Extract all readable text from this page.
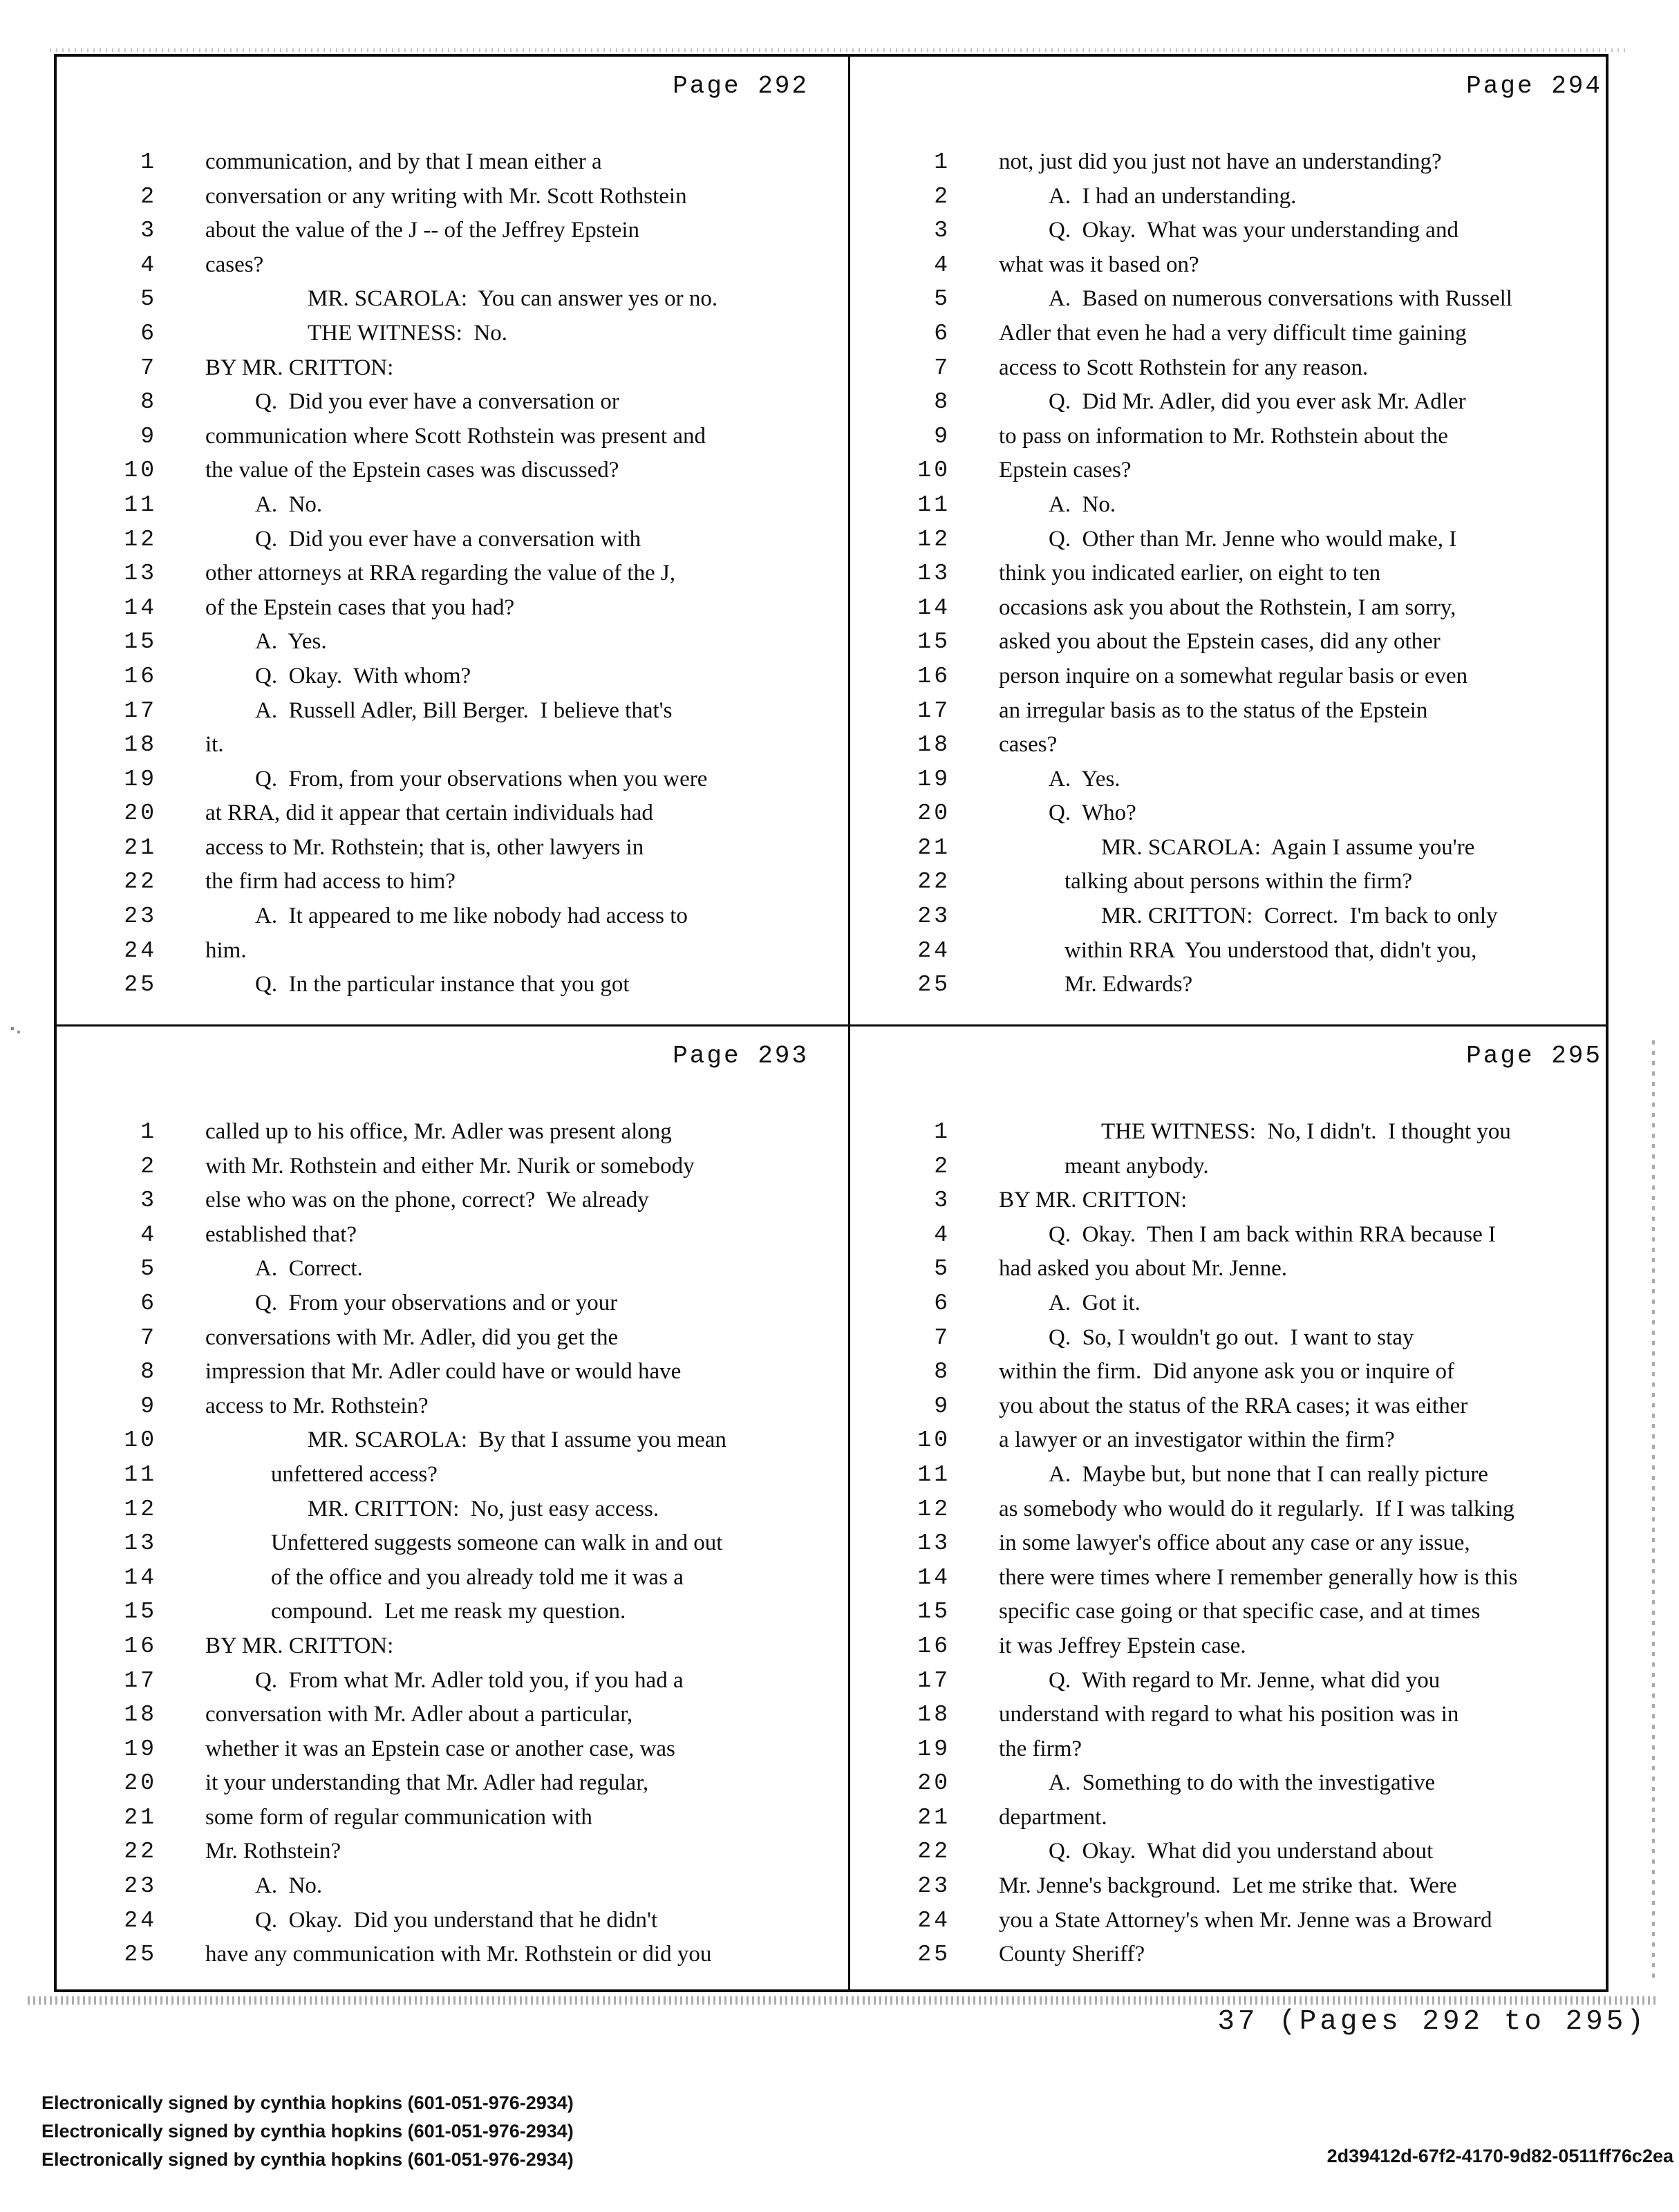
Page 292
1 communication, and by that I mean either a
2 conversation or any writing with Mr. Scott Rothstein
3 about the value of the J -- of the Jeffrey Epstein
4 cases?
5	MR. SCAROLA:  You can answer yes or no.
6	THE WITNESS:  No.
7 BY MR. CRITTON:
8	Q.  Did you ever have a conversation or
9 communication where Scott Rothstein was present and
10 the value of the Epstein cases was discussed?
11	A.  No.
12	Q.  Did you ever have a conversation with
13 other attorneys at RRA regarding the value of the J,
14 of the Epstein cases that you had?
15	A.  Yes.
16	Q.  Okay.  With whom?
17	A.  Russell Adler, Bill Berger.  I believe that's
18 it.
19	Q.  From, from your observations when you were
20 at RRA, did it appear that certain individuals had
21 access to Mr. Rothstein; that is, other lawyers in
22 the firm had access to him?
23	A.  It appeared to me like nobody had access to
24 him.
25	Q.  In the particular instance that you got
Page 294
1 not, just did you just not have an understanding?
2	A.  I had an understanding.
3	Q.  Okay.  What was your understanding and
4 what was it based on?
5	A.  Based on numerous conversations with Russell
6 Adler that even he had a very difficult time gaining
7 access to Scott Rothstein for any reason.
8	Q.  Did Mr. Adler, did you ever ask Mr. Adler
9 to pass on information to Mr. Rothstein about the
10 Epstein cases?
11	A.  No.
12	Q.  Other than Mr. Jenne who would make, I
13 think you indicated earlier, on eight to ten
14 occasions ask you about the Rothstein, I am sorry,
15 asked you about the Epstein cases, did any other
16 person inquire on a somewhat regular basis or even
17 an irregular basis as to the status of the Epstein
18 cases?
19	A.  Yes.
20	Q.  Who?
21	MR. SCAROLA:  Again I assume you're
22	talking about persons within the firm?
23	MR. CRITTON:  Correct.  I'm back to only
24	within RRA  You understood that, didn't you,
25	Mr. Edwards?
Page 293
1 called up to his office, Mr. Adler was present along
2 with Mr. Rothstein and either Mr. Nurik or somebody
3 else who was on the phone, correct?  We already
4 established that?
5	A.  Correct.
6	Q.  From your observations and or your
7 conversations with Mr. Adler, did you get the
8 impression that Mr. Adler could have or would have
9 access to Mr. Rothstein?
10	MR. SCAROLA:  By that I assume you mean
11	unfettered access?
12	MR. CRITTON:  No, just easy access.
13	Unfettered suggests someone can walk in and out
14	of the office and you already told me it was a
15	compound.  Let me reask my question.
16 BY MR. CRITTON:
17	Q.  From what Mr. Adler told you, if you had a
18 conversation with Mr. Adler about a particular,
19 whether it was an Epstein case or another case, was
20 it your understanding that Mr. Adler had regular,
21 some form of regular communication with
22 Mr. Rothstein?
23	A.  No.
24	Q.  Okay.  Did you understand that he didn't
25 have any communication with Mr. Rothstein or did you
Page 295
1	THE WITNESS:  No, I didn't.  I thought you
2	meant anybody.
3 BY MR. CRITTON:
4	Q.  Okay.  Then I am back within RRA because I
5 had asked you about Mr. Jenne.
6	A.  Got it.
7	Q.  So, I wouldn't go out.  I want to stay
8 within the firm.  Did anyone ask you or inquire of
9 you about the status of the RRA cases; it was either
10 a lawyer or an investigator within the firm?
11	A.  Maybe but, but none that I can really picture
12 as somebody who would do it regularly.  If I was talking
13 in some lawyer's office about any case or any issue,
14 there were times where I remember generally how is this
15 specific case going or that specific case, and at times
16 it was Jeffrey Epstein case.
17	Q.  With regard to Mr. Jenne, what did you
18 understand with regard to what his position was in
19 the firm?
20	A.  Something to do with the investigative
21 department.
22	Q.  Okay.  What did you understand about
23 Mr. Jenne's background.  Let me strike that.  Were
24 you a State Attorney's when Mr. Jenne was a Broward
25 County Sheriff?
37 (Pages 292 to 295)
Electronically signed by cynthia hopkins (601-051-976-2934)
Electronically signed by cynthia hopkins (601-051-976-2934)
Electronically signed by cynthia hopkins (601-051-976-2934)	2d39412d-67f2-4170-9d82-0511ff76c2ea
